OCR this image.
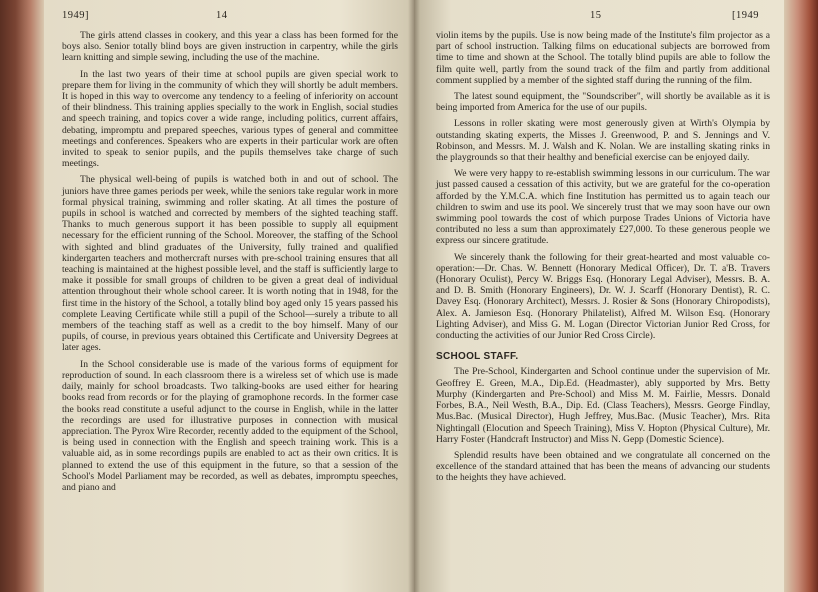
1949]	14

The girls attend classes in cookery, and this year a class has been formed for the boys also. Senior totally blind boys are given instruction in carpentry, while the girls learn knitting and simple sewing, including the use of the machine.

In the last two years of their time at school pupils are given special work to prepare them for living in the community of which they will shortly be adult members. It is hoped in this way to overcome any tendency to a feeling of inferiority on account of their blindness. This training applies specially to the work in English, social studies and speech training, and topics cover a wide range, including politics, current affairs, debating, impromptu and prepared speeches, various types of general and committee meetings and conferences. Speakers who are experts in their particular work are often invited to speak to senior pupils, and the pupils themselves take charge of such meetings.

The physical well-being of pupils is watched both in and out of school. The juniors have three games periods per week, while the seniors take regular work in more formal physical training, swimming and roller skating. At all times the posture of pupils in school is watched and corrected by members of the sighted teaching staff. Thanks to much generous support it has been possible to supply all equipment necessary for the efficient running of the School. Moreover, the staffing of the School with sighted and blind graduates of the University, fully trained and qualified kindergarten teachers and mothercraft nurses with pre-school training ensures that all teaching is maintained at the highest possible level, and the staff is sufficiently large to make it possible for small groups of children to be given a great deal of individual attention throughout their whole school career. It is worth noting that in 1948, for the first time in the history of the School, a totally blind boy aged only 15 years passed his complete Leaving Certificate while still a pupil of the School—surely a tribute to all members of the teaching staff as well as a credit to the boy himself. Many of our pupils, of course, in previous years obtained this Certificate and University Degrees at later ages.

In the School considerable use is made of the various forms of equipment for reproduction of sound. In each classroom there is a wireless set of which use is made daily, mainly for school broadcasts. Two talking-books are used either for hearing books read from records or for the playing of gramophone records. In the former case the books read constitute a useful adjunct to the course in English, while in the latter the recordings are used for illustrative purposes in connection with musical appreciation. The Pyrox Wire Recorder, recently added to the equipment of the School, is being used in connection with the English and speech training work. This is a valuable aid, as in some recordings pupils are enabled to act as their own critics. It is planned to extend the use of this equipment in the future, so that a session of the School's Model Parliament may be recorded, as well as debates, impromptu speeches, and piano and

15	[1949

violin items by the pupils. Use is now being made of the Institute's film projector as a part of school instruction. Talking films on educational subjects are borrowed from time to time and shown at the School. The totally blind pupils are able to follow the film quite well, partly from the sound track of the film and partly from additional comment supplied by a member of the sighted staff during the running of the film.

The latest sound equipment, the "Soundscriber", will shortly be available as it is being imported from America for the use of our pupils.

Lessons in roller skating were most generously given at Wirth's Olympia by outstanding skating experts, the Misses J. Greenwood, P. and S. Jennings and V. Robinson, and Messrs. M. J. Walsh and K. Nolan. We are installing skating rinks in the playgrounds so that their healthy and beneficial exercise can be enjoyed daily.

We were very happy to re-establish swimming lessons in our curriculum. The war just passed caused a cessation of this activity, but we are grateful for the co-operation afforded by the Y.M.C.A. which fine Institution has permitted us to again teach our children to swim and use its pool. We sincerely trust that we may soon have our own swimming pool towards the cost of which purpose Trades Unions of Victoria have contributed no less a sum than approximately £27,000. To these generous people we express our sincere gratitude.

We sincerely thank the following for their great-hearted and most valuable co-operation:—Dr. Chas. W. Bennett (Honorary Medical Officer), Dr. T. a'B. Travers (Honorary Oculist), Percy W. Briggs Esq. (Honorary Legal Adviser), Messrs. B. A. and D. B. Smith (Honorary Engineers), Dr. W. J. Scarff (Honorary Dentist), R. C. Davey Esq. (Honorary Architect), Messrs. J. Rosier & Sons (Honorary Chiropodists), Alex. A. Jamieson Esq. (Honorary Philatelist), Alfred M. Wilson Esq. (Honorary Lighting Adviser), and Miss G. M. Logan (Director Victorian Junior Red Cross, for conducting the activities of our Junior Red Cross Circle).

SCHOOL STAFF.

The Pre-School, Kindergarten and School continue under the supervision of Mr. Geoffrey E. Green, M.A., Dip.Ed. (Headmaster), ably supported by Mrs. Betty Murphy (Kindergarten and Pre-School) and Miss M. M. Fairlie, Messrs. Donald Forbes, B.A., Neil Westh, B.A., Dip. Ed. (Class Teachers), Messrs. George Findlay, Mus.Bac. (Musical Director), Hugh Jeffrey, Mus.Bac. (Music Teacher), Mrs. Rita Nightingall (Elocution and Speech Training), Miss V. Hopton (Physical Culture), Mr. Harry Foster (Handcraft Instructor) and Miss N. Gepp (Domestic Science).

Splendid results have been obtained and we congratulate all concerned on the excellence of the standard attained that has been the means of advancing our students to the heights they have achieved.
